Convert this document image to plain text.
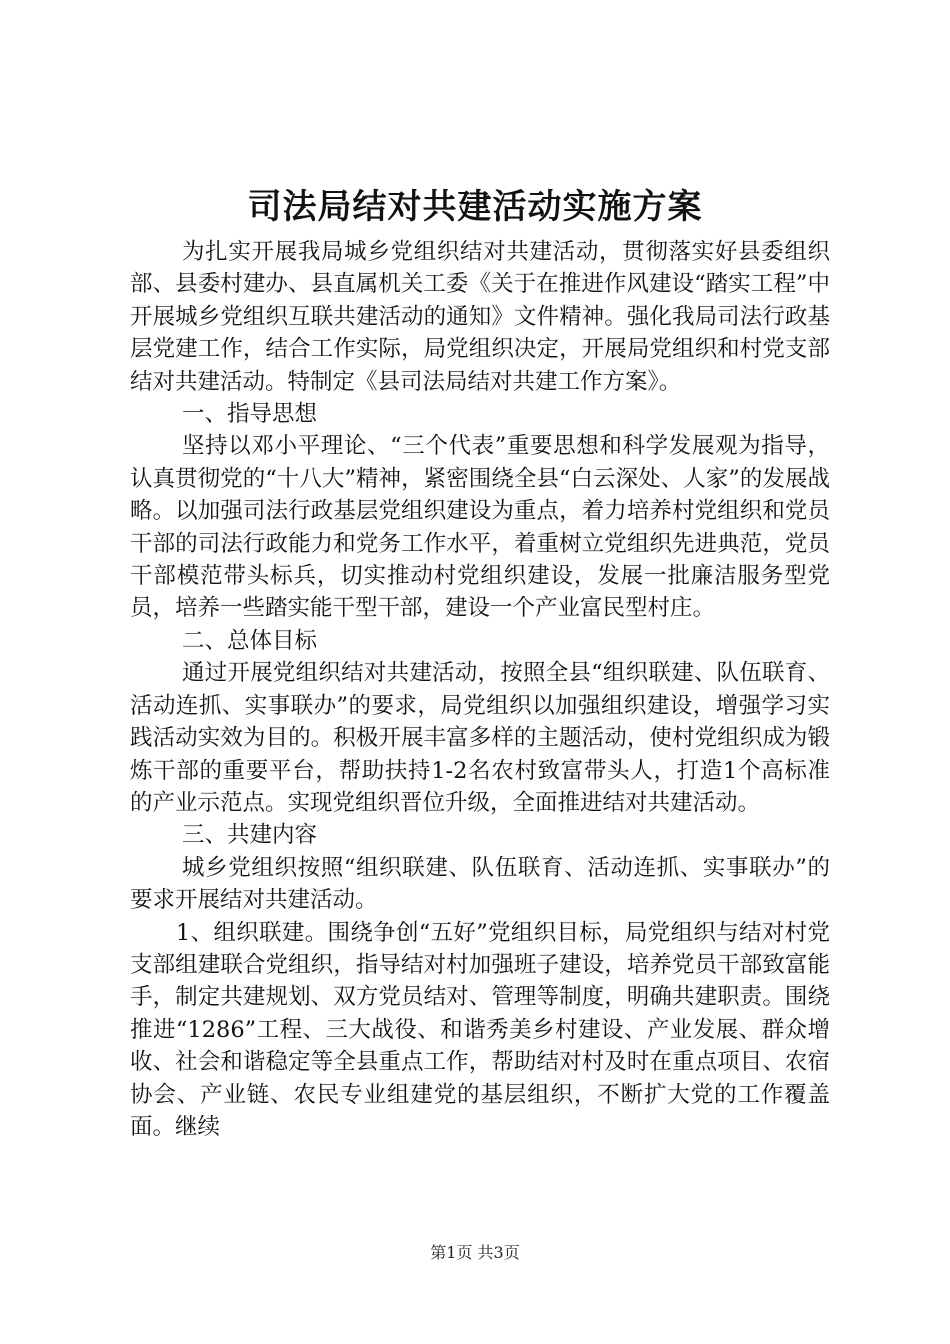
司法局结对共建活动实施方案

为扎实开展我局城乡党组织结对共建活动，贯彻落实好县委组织部、县委村建办、县直属机关工委《关于在推进作风建设“踏实工程”中开展城乡党组织互联共建活动的通知》文件精神。强化我局司法行政基层党建工作，结合工作实际，局党组织决定，开展局党组织和村党支部结对共建活动。特制定《县司法局结对共建工作方案》。

一、指导思想

坚持以邓小平理论、“三个代表”重要思想和科学发展观为指导，认真贯彻党的“十八大”精神，紧密围绕全县“白云深处、人家”的发展战略。以加强司法行政基层党组织建设为重点，着力培养村党组织和党员干部的司法行政能力和党务工作水平，着重树立党组织先进典范，党员干部模范带头标兵，切实推动村党组织建设，发展一批廉洁服务型党员，培养一些踏实能干型干部，建设一个产业富民型村庄。

二、总体目标

通过开展党组织结对共建活动，按照全县“组织联建、队伍联育、活动连抓、实事联办”的要求，局党组织以加强组织建设，增强学习实践活动实效为目的。积极开展丰富多样的主题活动，使村党组织成为锻炼干部的重要平台，帮助扶持1-2名农村致富带头人，打造1个高标准的产业示范点。实现党组织晋位升级，全面推进结对共建活动。

三、共建内容

城乡党组织按照“组织联建、队伍联育、活动连抓、实事联办”的要求开展结对共建活动。

1、组织联建。围绕争创“五好”党组织目标，局党组织与结对村党支部组建联合党组织，指导结对村加强班子建设，培养党员干部致富能手，制定共建规划、双方党员结对、管理等制度，明确共建职责。围绕推进“1286”工程、三大战役、和谐秀美乡村建设、产业发展、群众增收、社会和谐稳定等全县重点工作，帮助结对村及时在重点项目、农宿协会、产业链、农民专业组建党的基层组织，不断扩大党的工作覆盖面。继续

第1页 共3页
